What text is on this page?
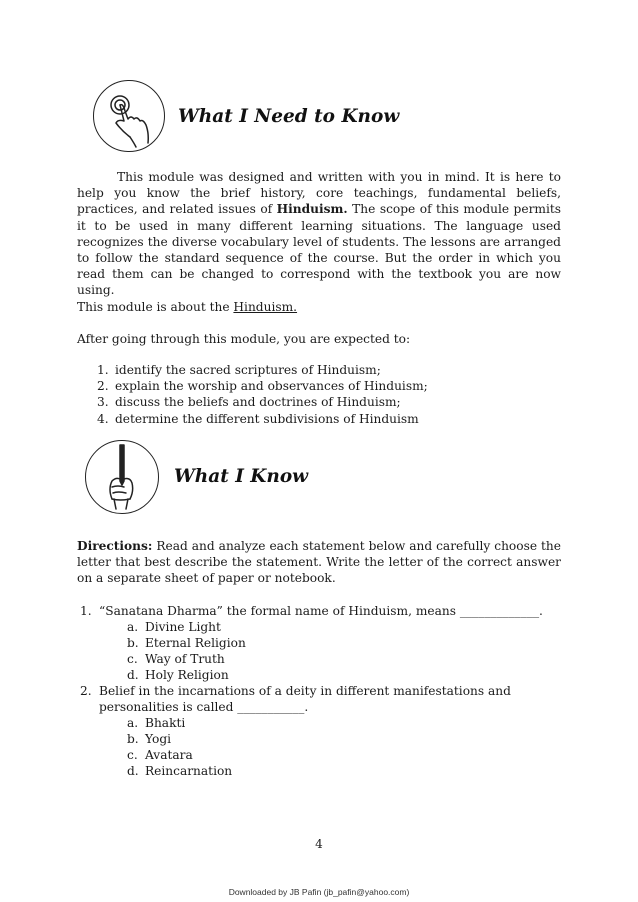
What I Need to Know

This module was designed and written with you in mind. It is here to help you know the brief history, core teachings, fundamental beliefs, practices, and related issues of Hinduism. The scope of this module permits it to be used in many different learning situations. The language used recognizes the diverse vocabulary level of students. The lessons are arranged to follow the standard sequence of the course. But the order in which you read them can be changed to correspond with the textbook you are now using.

This module is about the Hinduism.

After going through this module, you are expected to:

1. identify the sacred scriptures of Hinduism;
2. explain the worship and observances of Hinduism;
3. discuss the beliefs and doctrines of Hinduism;
4. determine the different subdivisions of Hinduism
What I Know

Directions: Read and analyze each statement below and carefully choose the letter that best describe the statement. Write the letter of the correct answer on a separate sheet of paper or notebook.

1. “Sanatana Dharma” the formal name of Hinduism, means _____________.

a. Divine Light
b. Eternal Religion
c. Way of Truth
d. Holy Religion

2. Belief in the incarnations of a deity in different manifestations and personalities is called ___________.

a. Bhakti
b. Yogi
c. Avatara
d. Reincarnation
4
Downloaded by JB Pafin (jb_pafin@yahoo.com)
